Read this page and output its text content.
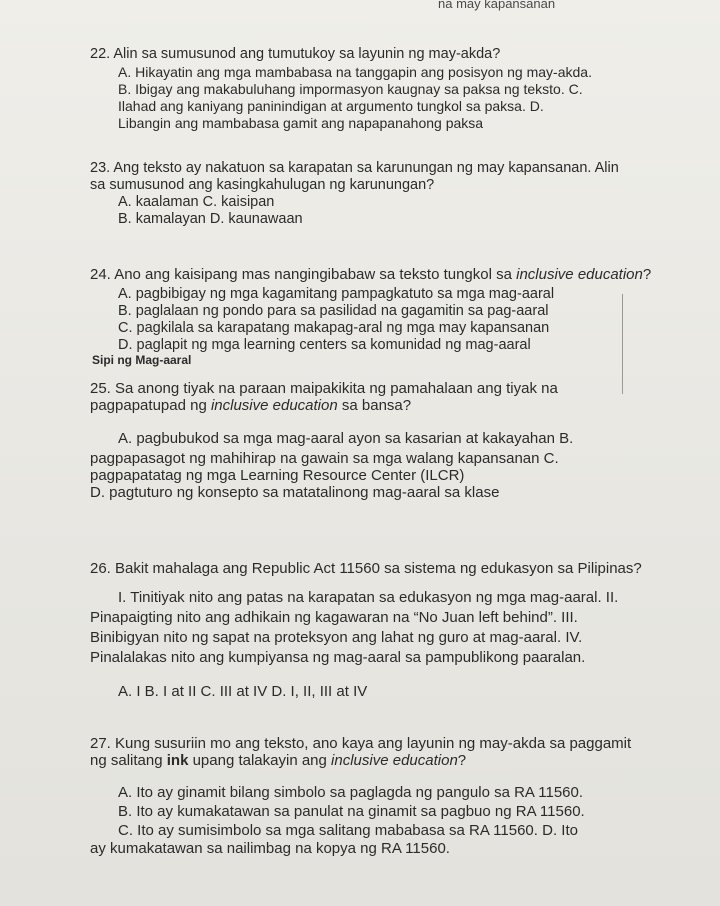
na may kapansanan
22. Alin sa sumusunod ang tumutukoy sa layunin ng may-akda?
A. Hikayatin ang mga mambabasa na tanggapin ang posisyon ng may-akda.
B. Ibigay ang makabuluhang impormasyon kaugnay sa paksa ng teksto. C.
Ilahad ang kaniyang paninindigan at argumento tungkol sa paksa. D.
Libangin ang mambabasa gamit ang napapanahong paksa
23. Ang teksto ay nakatuon sa karapatan sa karunungan ng may kapansanan. Alin
sa sumusunod ang kasingkahulugan ng karunungan?
A. kaalaman C. kaisipan
B. kamalayan D. kaunawaan
24. Ano ang kaisipang mas nangingibabaw sa teksto tungkol sa inclusive education?
A. pagbibigay ng mga kagamitang pampagkatuto sa mga mag-aaral
B. paglalaan ng pondo para sa pasilidad na gagamitin sa pag-aaral
C. pagkilala sa karapatang makapag-aral ng mga may kapansanan
D. paglapit ng mga learning centers sa komunidad ng mag-aaral
Sipi ng Mag-aaral
25. Sa anong tiyak na paraan maipakikita ng pamahalaan ang tiyak na
pagpapatupad ng inclusive education sa bansa?
A. pagbubukod sa mga mag-aaral ayon sa kasarian at kakayahan B.
pagpapasagot ng mahihirap na gawain sa mga walang kapansanan C.
pagpapatatag ng mga Learning Resource Center (ILCR)
D. pagtuturo ng konsepto sa matatalinong mag-aaral sa klase
26. Bakit mahalaga ang Republic Act 11560 sa sistema ng edukasyon sa Pilipinas?
I. Tinitiyak nito ang patas na karapatan sa edukasyon ng mga mag-aaral. II.
Pinapaigting nito ang adhikain ng kagawaran na “No Juan left behind”. III.
Binibigyan nito ng sapat na proteksyon ang lahat ng guro at mag-aaral. IV.
Pinalalakas nito ang kumpiyansa ng mag-aaral sa pampublikong paaralan.
A. I B. I at II C. III at IV D. I, II, III at IV
27. Kung susuriin mo ang teksto, ano kaya ang layunin ng may-akda sa paggamit
ng salitang ink upang talakayin ang inclusive education?
A. Ito ay ginamit bilang simbolo sa paglagda ng pangulo sa RA 11560.
B. Ito ay kumakatawan sa panulat na ginamit sa pagbuo ng RA 11560.
C. Ito ay sumisimbolo sa mga salitang mababasa sa RA 11560. D. Ito
ay kumakatawan sa nailimbag na kopya ng RA 11560.
